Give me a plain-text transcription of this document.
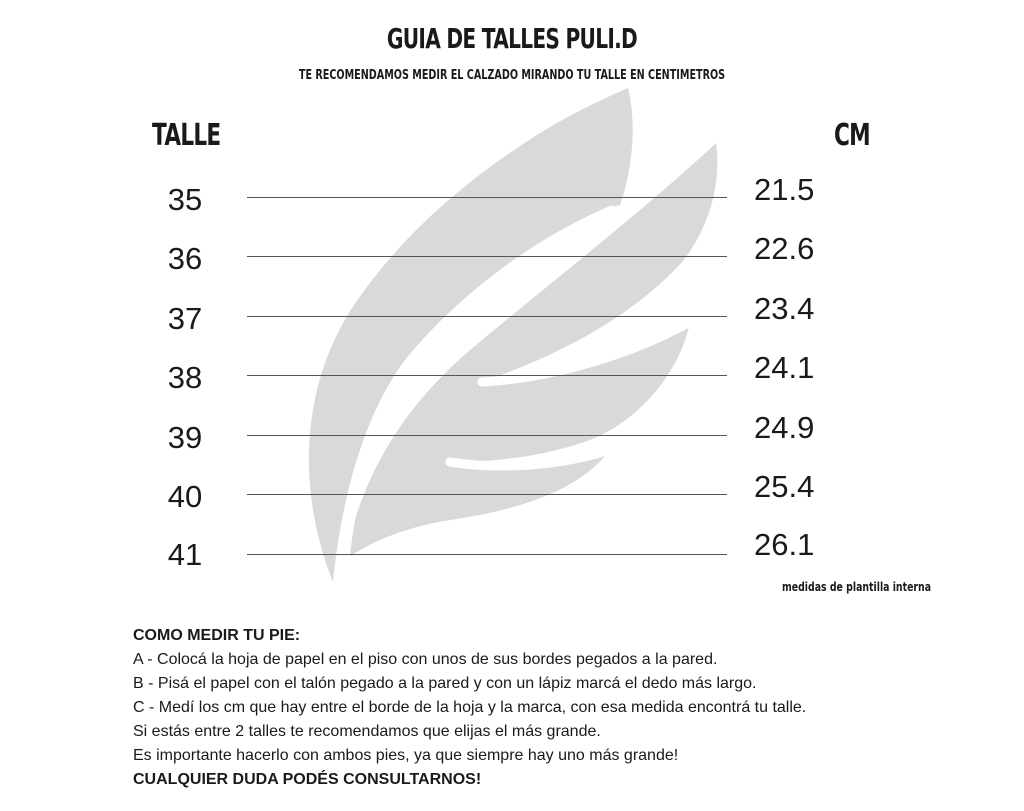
GUIA DE TALLES PULI.D
TE RECOMENDAMOS MEDIR EL CALZADO MIRANDO TU TALLE EN CENTIMETROS
TALLE	CM
35	21.5
36	22.6
37	23.4
38	24.1
39	24.9
40	25.4
41	26.1
medidas de plantilla interna
COMO MEDIR TU PIE:
A - Colocá la hoja de papel en el piso con unos de sus bordes pegados a la pared.
B - Pisá el papel con el talón pegado a la pared y con un lápiz marcá el dedo más largo.
C - Medí los cm que hay entre el borde de la hoja y la marca, con esa medida encontrá tu talle.
Si estás entre 2 talles te recomendamos que elijas el más grande.
Es importante hacerlo con ambos pies, ya que siempre hay uno más grande!
CUALQUIER DUDA PODÉS CONSULTARNOS!
